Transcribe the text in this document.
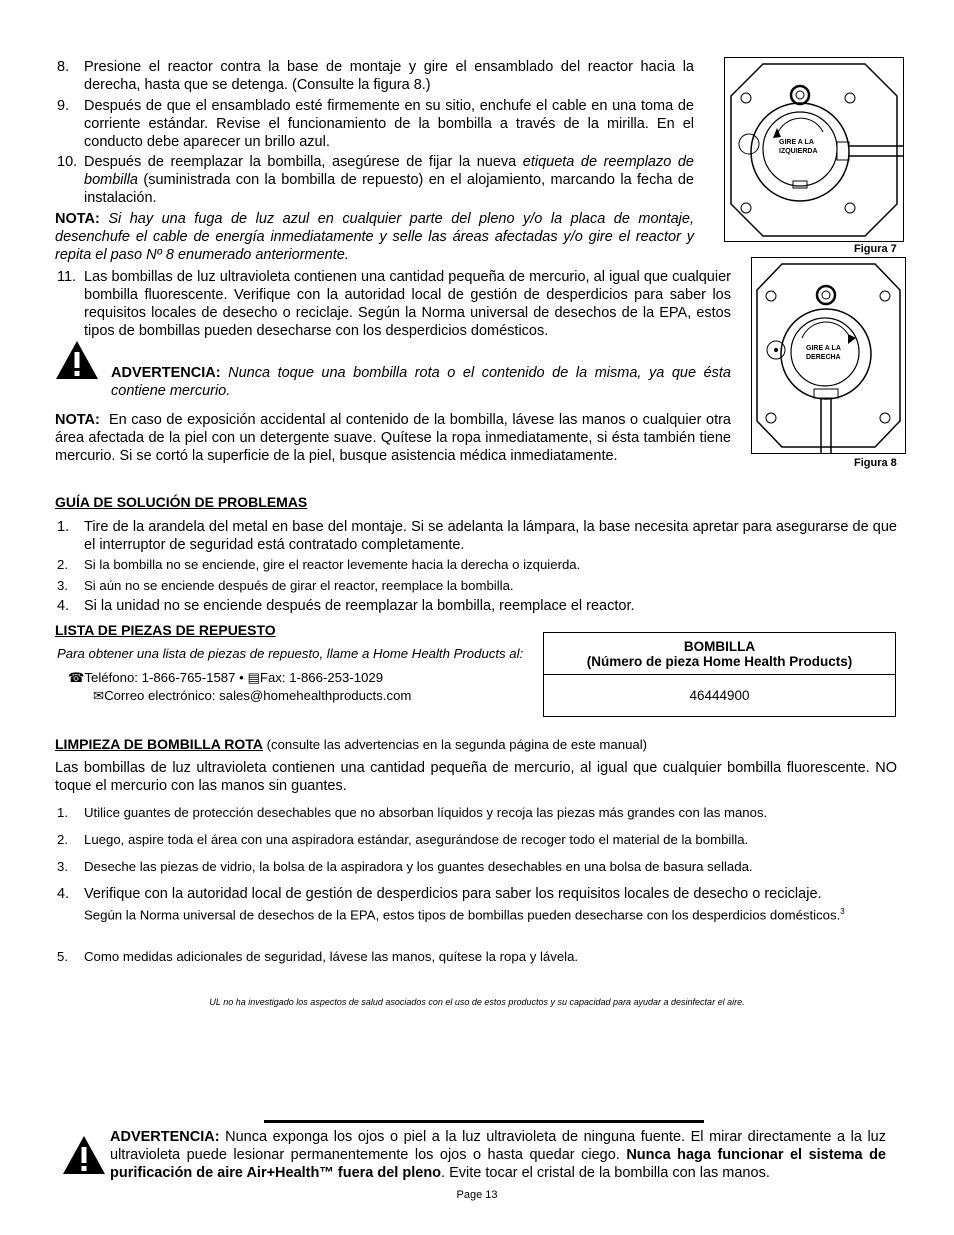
8. Presione el reactor contra la base de montaje y gire el ensamblado del reactor hacia la derecha, hasta que se detenga. (Consulte la figura 8.)
9. Después de que el ensamblado esté firmemente en su sitio, enchufe el cable en una toma de corriente estándar. Revise el funcionamiento de la bombilla a través de la mirilla. En el conducto debe aparecer un brillo azul.
10. Después de reemplazar la bombilla, asegúrese de fijar la nueva etiqueta de reemplazo de bombilla (suministrada con la bombilla de repuesto) en el alojamiento, marcando la fecha de instalación.
NOTA: Si hay una fuga de luz azul en cualquier parte del pleno y/o la placa de montaje, desenchufe el cable de energía inmediatamente y selle las áreas afectadas y/o gire el reactor y repita el paso Nº 8 enumerado anteriormente.
GIRE A LA
IZQUIERDA
Figura 7
11. Las bombillas de luz ultravioleta contienen una cantidad pequeña de mercurio, al igual que cualquier bombilla fluorescente. Verifique con la autoridad local de gestión de desperdicios para saber los requisitos locales de desecho o reciclaje. Según la Norma universal de desechos de la EPA, estos tipos de bombillas pueden desecharse con los desperdicios domésticos.
ADVERTENCIA: Nunca toque una bombilla rota o el contenido de la misma, ya que ésta contiene mercurio.
GIRE A LA
DERECHA
Figura 8
NOTA: En caso de exposición accidental al contenido de la bombilla, lávese las manos o cualquier otra área afectada de la piel con un detergente suave. Quítese la ropa inmediatamente, si ésta también tiene mercurio. Si se cortó la superficie de la piel, busque asistencia médica inmediatamente.
GUÍA DE SOLUCIÓN DE PROBLEMAS
1. Tire de la arandela del metal en base del montaje. Si se adelanta la lámpara, la base necesita apretar para asegurarse de que el interruptor de seguridad está contratado completamente.
2. Si la bombilla no se enciende, gire el reactor levemente hacia la derecha o izquierda.
3. Si aún no se enciende después de girar el reactor, reemplace la bombilla.
4. Si la unidad no se enciende después de reemplazar la bombilla, reemplace el reactor.
LISTA DE PIEZAS DE REPUESTO
Para obtener una lista de piezas de repuesto, llame a Home Health Products al:
☎Teléfono: 1-866-765-1587 • ▤Fax: 1-866-253-1029
✉Correo electrónico: sales@homehealthproducts.com
BOMBILLA
(Número de pieza Home Health Products)

46444900
LIMPIEZA DE BOMBILLA ROTA (consulte las advertencias en la segunda página de este manual)
Las bombillas de luz ultravioleta contienen una cantidad pequeña de mercurio, al igual que cualquier bombilla fluorescente. NO toque el mercurio con las manos sin guantes.
1. Utilice guantes de protección desechables que no absorban líquidos y recoja las piezas más grandes con las manos.
2. Luego, aspire toda el área con una aspiradora estándar, asegurándose de recoger todo el material de la bombilla.
3. Deseche las piezas de vidrio, la bolsa de la aspiradora y los guantes desechables en una bolsa de basura sellada.
4. Verifique con la autoridad local de gestión de desperdicios para saber los requisitos locales de desecho o reciclaje.
Según la Norma universal de desechos de la EPA, estos tipos de bombillas pueden desecharse con los desperdicios domésticos.$^3$
5. Como medidas adicionales de seguridad, lávese las manos, quítese la ropa y lávela.
UL no ha investigado los aspectos de salud asociados con el uso de estos productos y su capacidad para ayudar a desinfectar el aire.
ADVERTENCIA: Nunca exponga los ojos o piel a la luz ultravioleta de ninguna fuente. El mirar directamente a la luz ultravioleta puede lesionar permanentemente los ojos o hasta quedar ciego. Nunca haga funcionar el sistema de purificación de aire Air+Health™ fuera del pleno. Evite tocar el cristal de la bombilla con las manos.
Page 13
